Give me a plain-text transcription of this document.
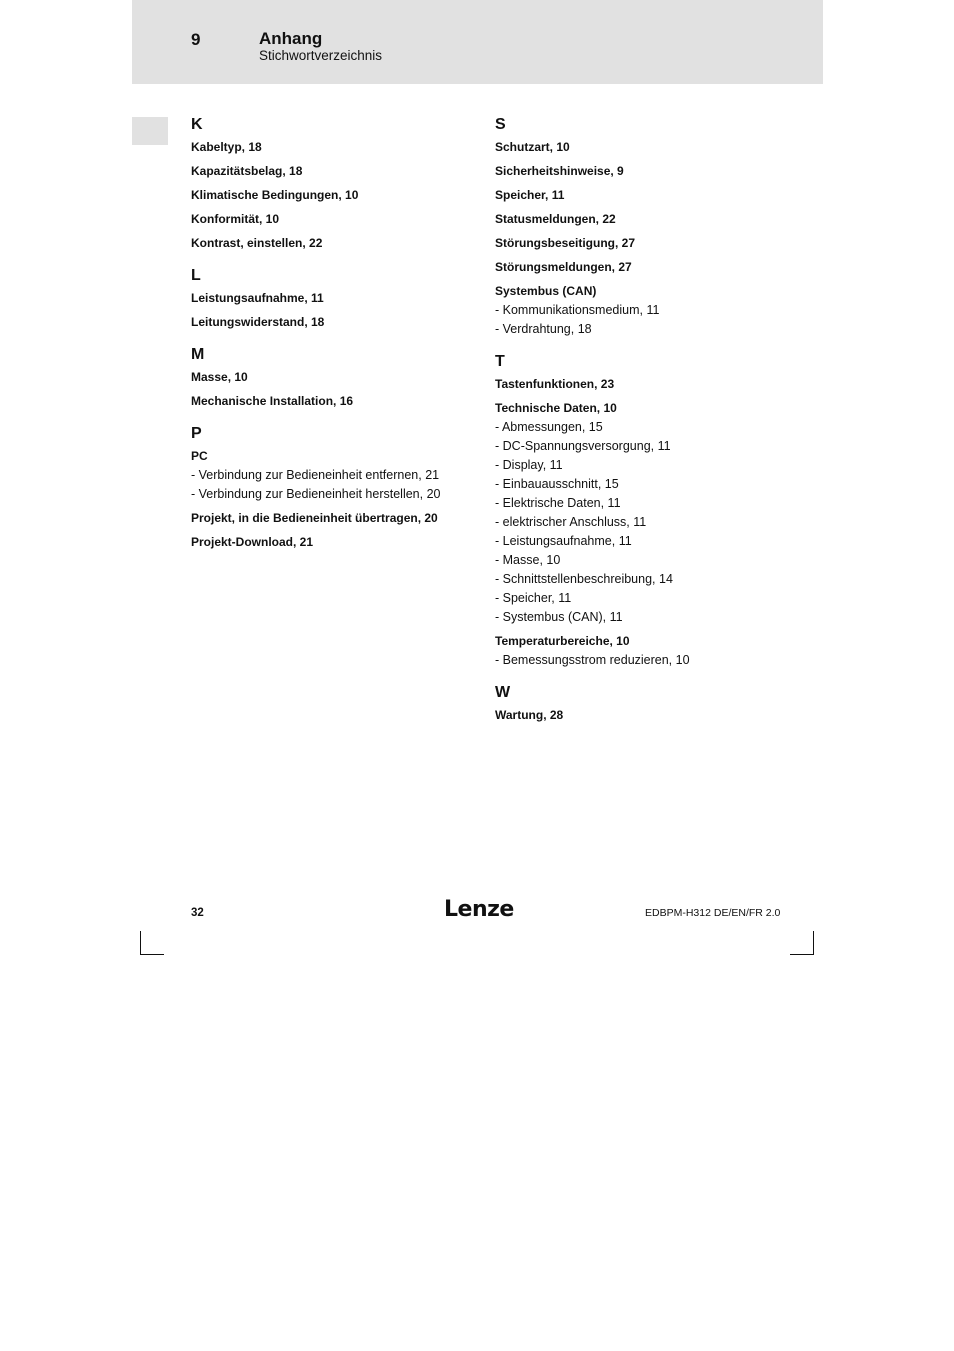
9	Anhang
Stichwortverzeichnis
K
Kabeltyp, 18
Kapazitätsbelag, 18
Klimatische Bedingungen, 10
Konformität, 10
Kontrast, einstellen, 22
L
Leistungsaufnahme, 11
Leitungswiderstand, 18
M
Masse, 10
Mechanische Installation, 16
P
PC
- Verbindung zur Bedieneinheit entfernen, 21
- Verbindung zur Bedieneinheit herstellen, 20
Projekt, in die Bedieneinheit übertragen, 20
Projekt-Download, 21
S
Schutzart, 10
Sicherheitshinweise, 9
Speicher, 11
Statusmeldungen, 22
Störungsbeseitigung, 27
Störungsmeldungen, 27
Systembus (CAN)
- Kommunikationsmedium, 11
- Verdrahtung, 18
T
Tastenfunktionen, 23
Technische Daten, 10
- Abmessungen, 15
- DC-Spannungsversorgung, 11
- Display, 11
- Einbauausschnitt, 15
- Elektrische Daten, 11
- elektrischer Anschluss, 11
- Leistungsaufnahme, 11
- Masse, 10
- Schnittstellenbeschreibung, 14
- Speicher, 11
- Systembus (CAN), 11
Temperaturbereiche, 10
- Bemessungsstrom reduzieren, 10
W
Wartung, 28
32	Lenze	EDBPM-H312 DE/EN/FR 2.0
